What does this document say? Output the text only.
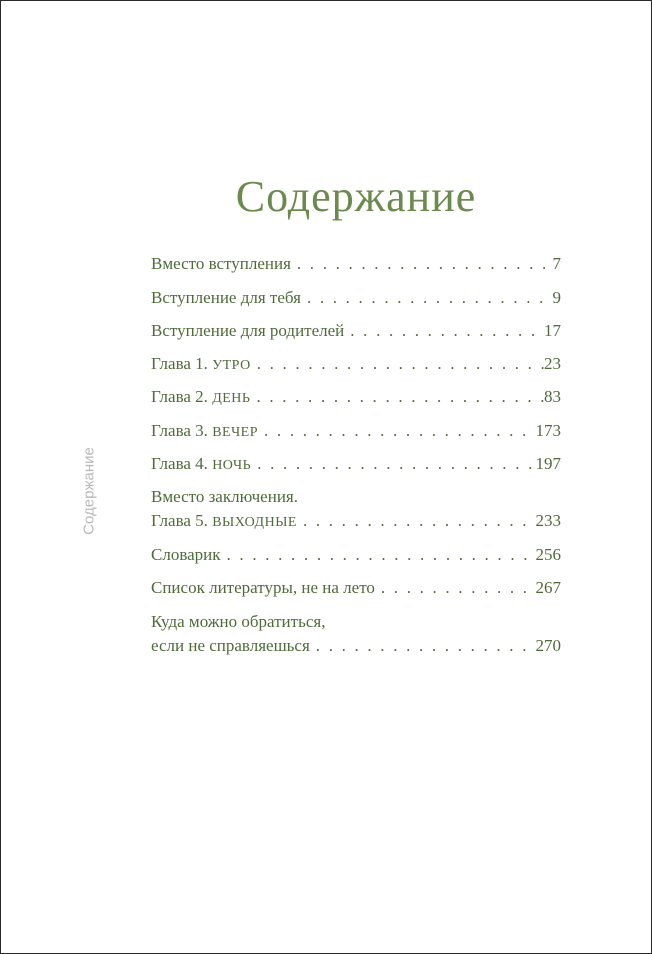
Содержание
Содержание
Вместо вступления . . .	7
Вступление для тебя . . .	9
Вступление для родителей . . .	17
Глава 1. УТРО . . .	23
Глава 2. ДЕНЬ . . .	83
Глава 3. ВЕЧЕР . . .	173
Глава 4. НОЧЬ . . .	197
Вместо заключения.
Глава 5. ВЫХОДНЫЕ . . .	233
Словарик . . .	256
Список литературы, не на лето . . .	267
Куда можно обратиться,
если не справляешься . . .	270
